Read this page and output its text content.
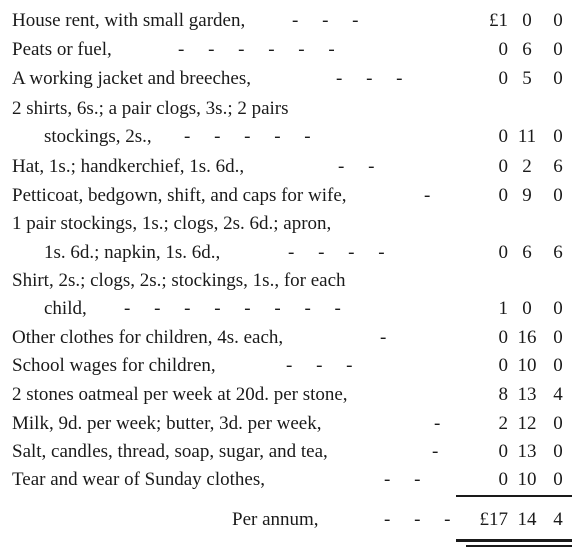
House rent, with small garden, -     -     -	£1 0	0
Peats or fuel,	-     -     -     -     -     -	0 6	0
A working jacket and breeches,	-     -     -	0 5	0
2 shirts, 6s.; a pair clogs, 3s.; 2 pairs
stockings, 2s., -     -     -     -     -	0 11 0
Hat, 1s.; handkerchief, 1s. 6d.,	-     -	0 2	6
Petticoat, bedgown, shift, and caps for wife,	-	0 9	0
1 pair stockings, 1s.; clogs, 2s. 6d.; apron,
1s. 6d.; napkin, 1s. 6d.,	-     -     -     -	0 6	6
Shirt, 2s.; clogs, 2s.; stockings, 1s., for each
child, -     -     -     -     -     -     -     -	1 0	0
Other clothes for children, 4s. each,	-	0 16 0
School wages for children,	-     -     -	0 10 0
2 stones oatmeal per week at 20d. per stone,	8 13 4
Milk, 9d. per week; butter, 3d. per week,	-	2 12 0
Salt, candles, thread, soap, sugar, and tea,	-	0 13 0
Tear and wear of Sunday clothes,	-     -	0 10 0
Per annum,	-     -     -	£17 14 4
